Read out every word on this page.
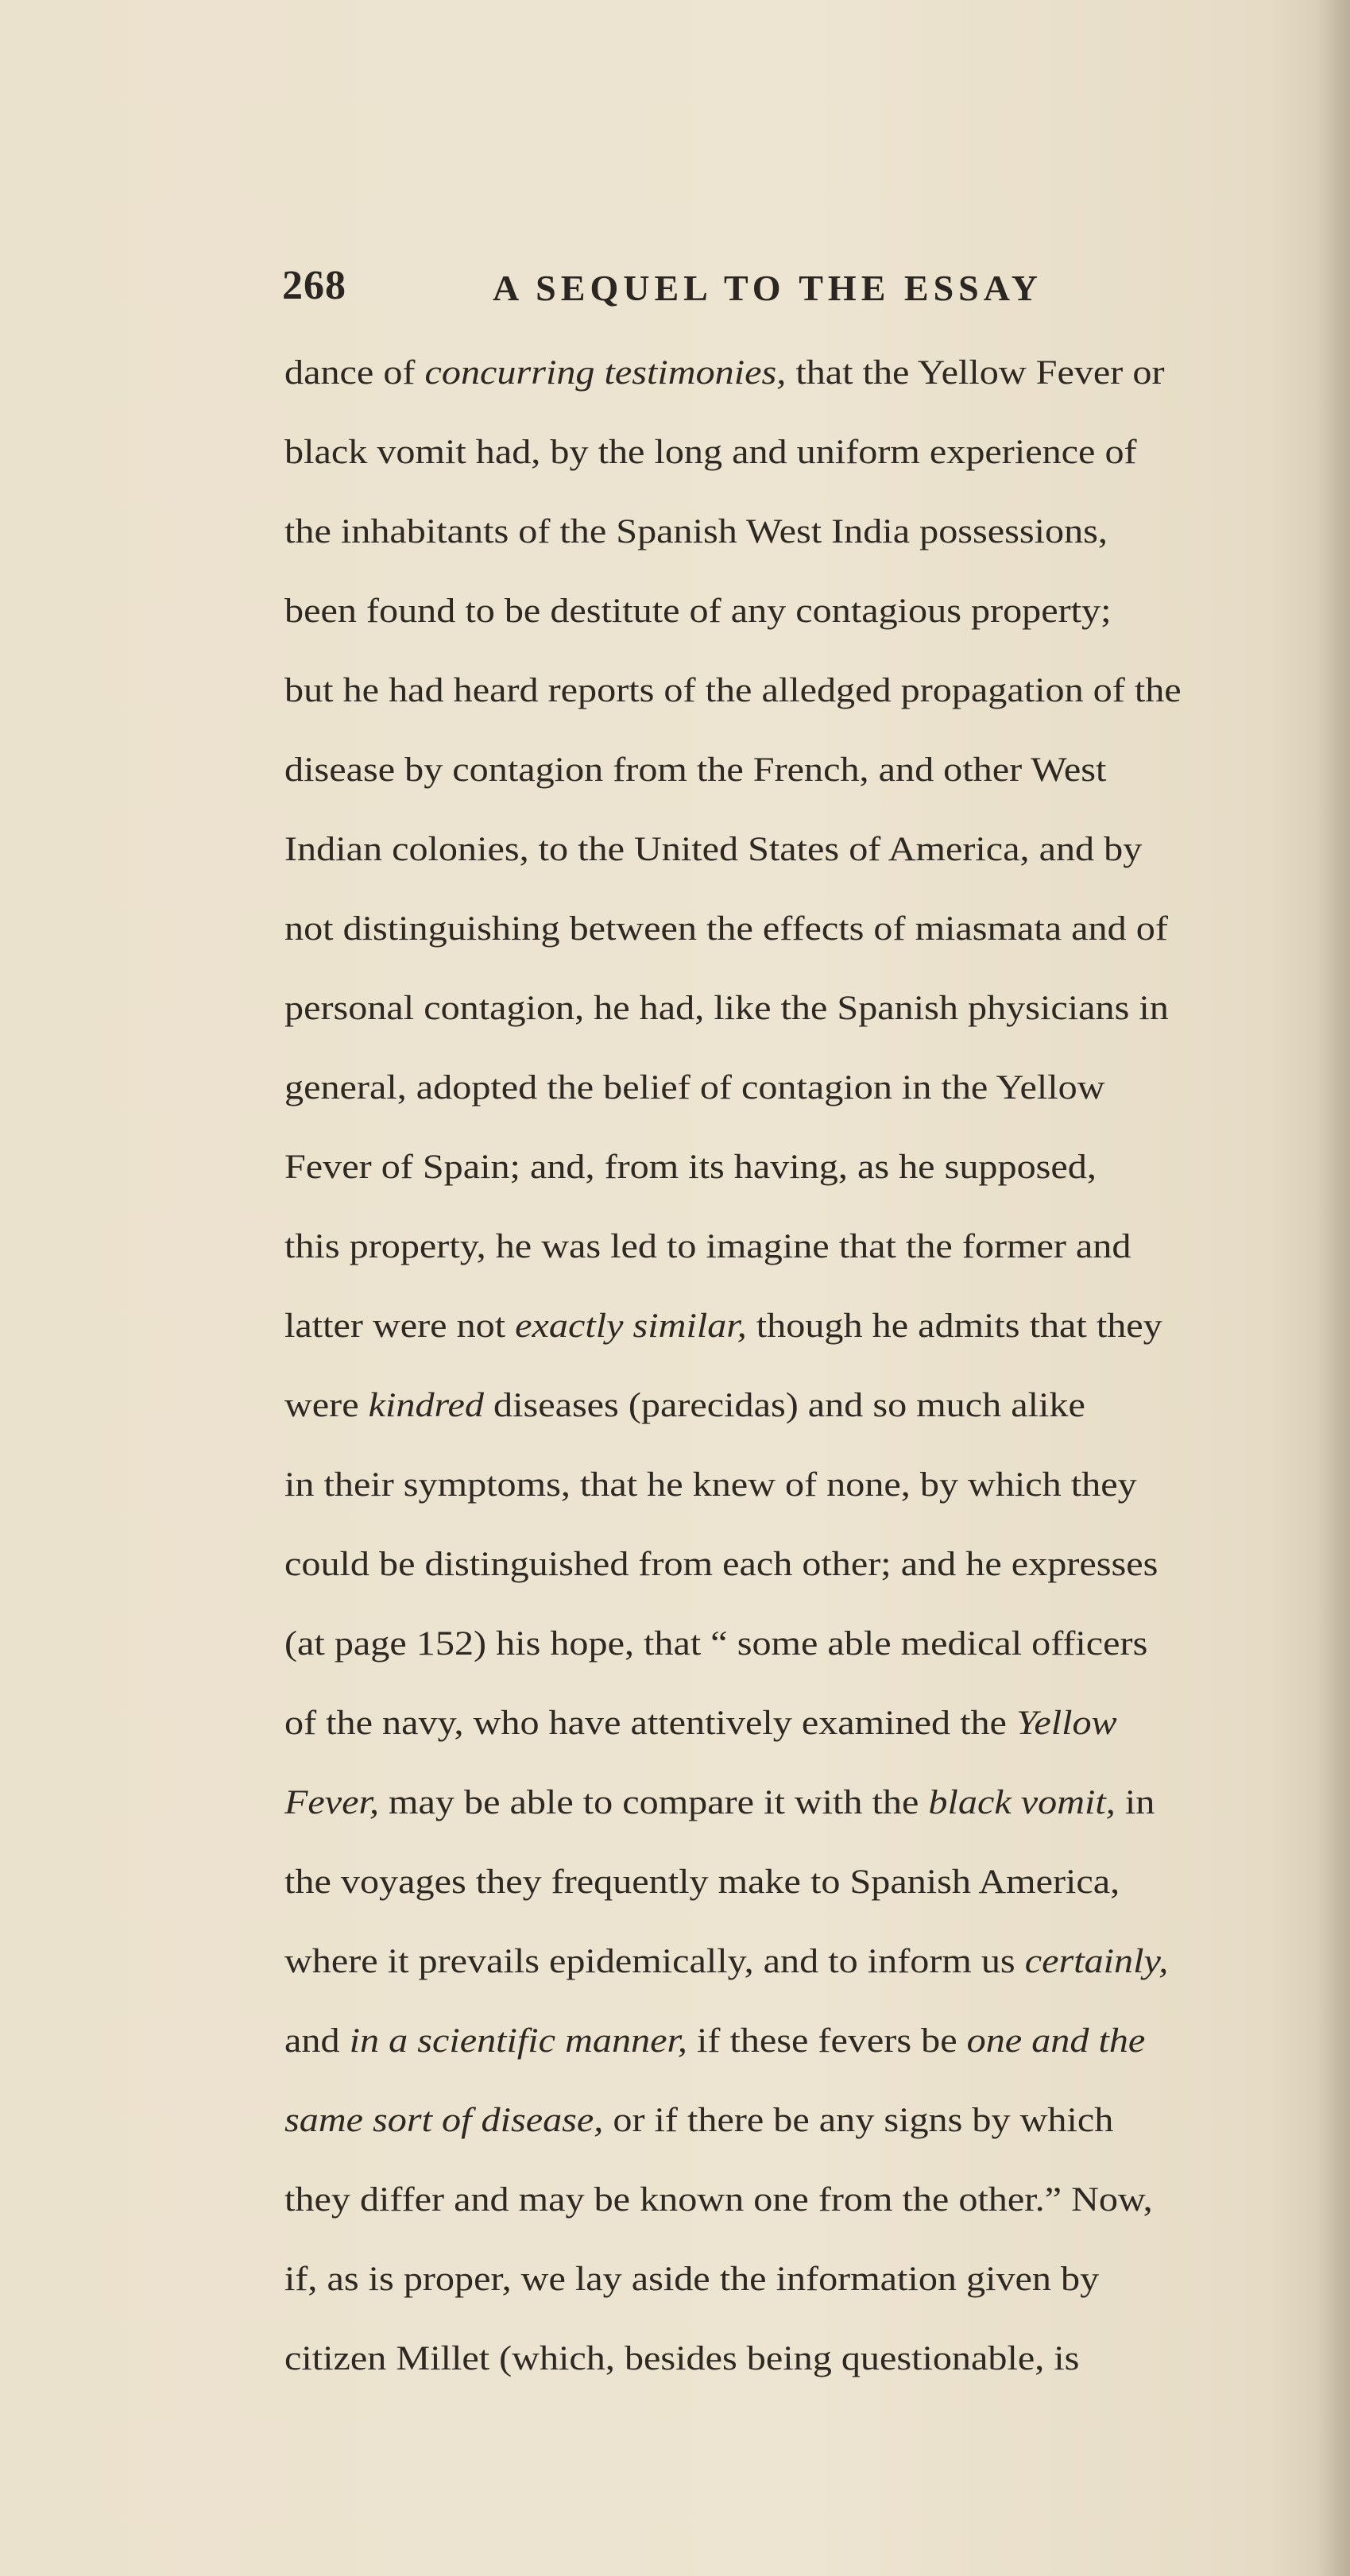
268	A SEQUEL TO THE ESSAY
dance of concurring testimonies, that the Yellow Fever or
black vomit had, by the long and uniform experience of
the inhabitants of the Spanish West India possessions,
been found to be destitute of any contagious property;
but he had heard reports of the alledged propagation of the
disease by contagion from the French, and other West
Indian colonies, to the United States of America, and by
not distinguishing between the effects of miasmata and of
personal contagion, he had, like the Spanish physicians in
general, adopted the belief of contagion in the Yellow
Fever of Spain; and, from its having, as he supposed,
this property, he was led to imagine that the former and
latter were not exactly similar, though he admits that they
were kindred diseases (parecidas) and so much alike
in their symptoms, that he knew of none, by which they
could be distinguished from each other; and he expresses
(at page 152) his hope, that “ some able medical officers
of the navy, who have attentively examined the Yellow
Fever, may be able to compare it with the black vomit, in
the voyages they frequently make to Spanish America,
where it prevails epidemically, and to inform us certainly,
and in a scientific manner, if these fevers be one and the
same sort of disease, or if there be any signs by which
they differ and may be known one from the other.” Now,
if, as is proper, we lay aside the information given by
citizen Millet (which, besides being questionable, is
